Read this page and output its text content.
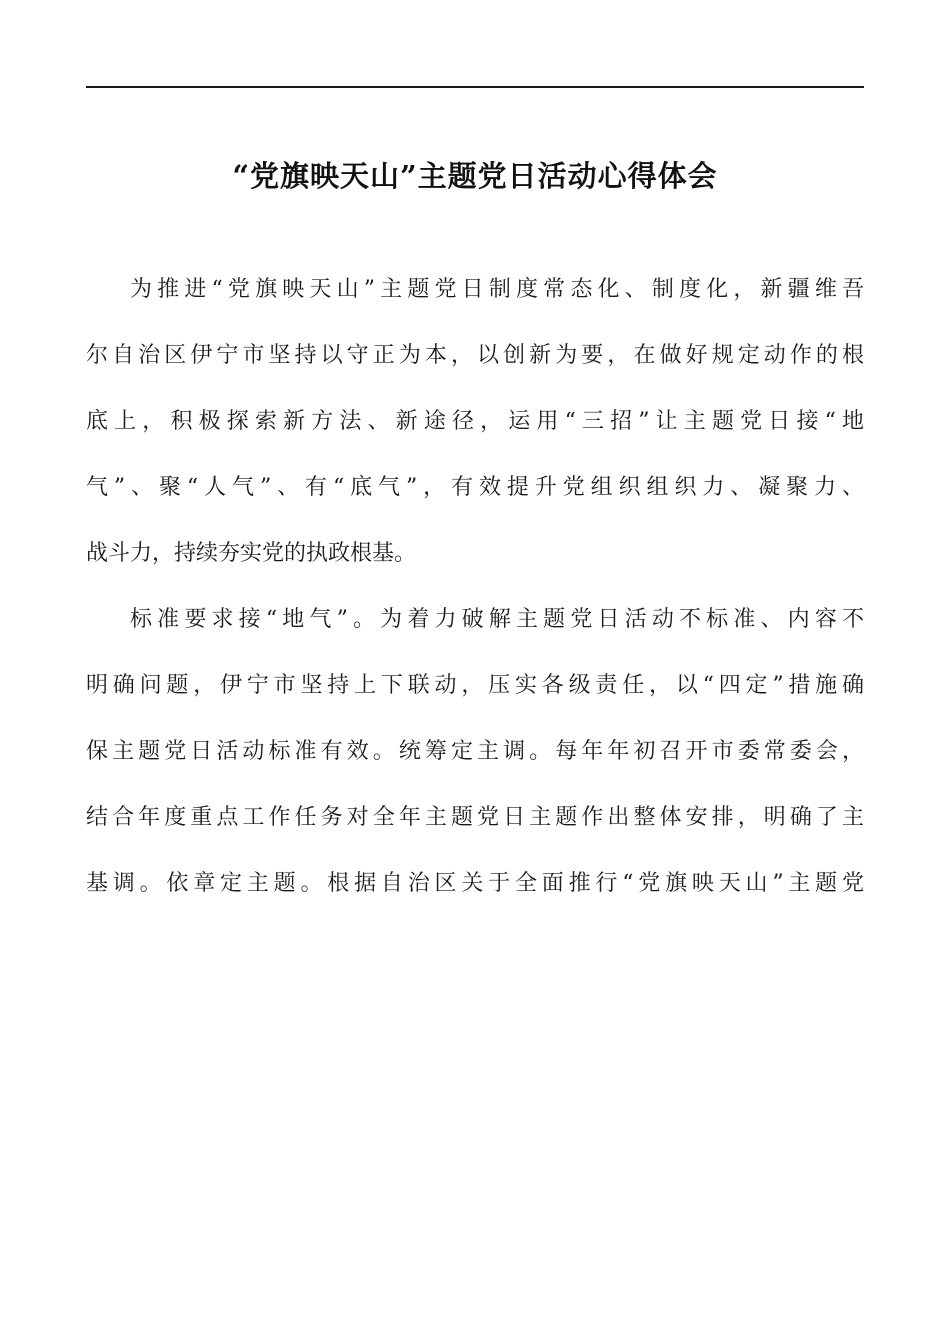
“党旗映天山”主题党日活动心得体会
为推进“党旗映天山”主题党日制度常态化、制度化，新疆维吾
尔自治区伊宁市坚持以守正为本，以创新为要，在做好规定动作的根
底上，积极探索新方法、新途径，运用“三招”让主题党日接“地
气”、聚“人气”、有“底气”，有效提升党组织组织力、凝聚力、
战斗力，持续夯实党的执政根基。
标准要求接“地气”。为着力破解主题党日活动不标准、内容不
明确问题，伊宁市坚持上下联动，压实各级责任，以“四定”措施确
保主题党日活动标准有效。统筹定主调。每年年初召开市委常委会，
结合年度重点工作任务对全年主题党日主题作出整体安排，明确了主
基调。依章定主题。根据自治区关于全面推行“党旗映天山”主题党
